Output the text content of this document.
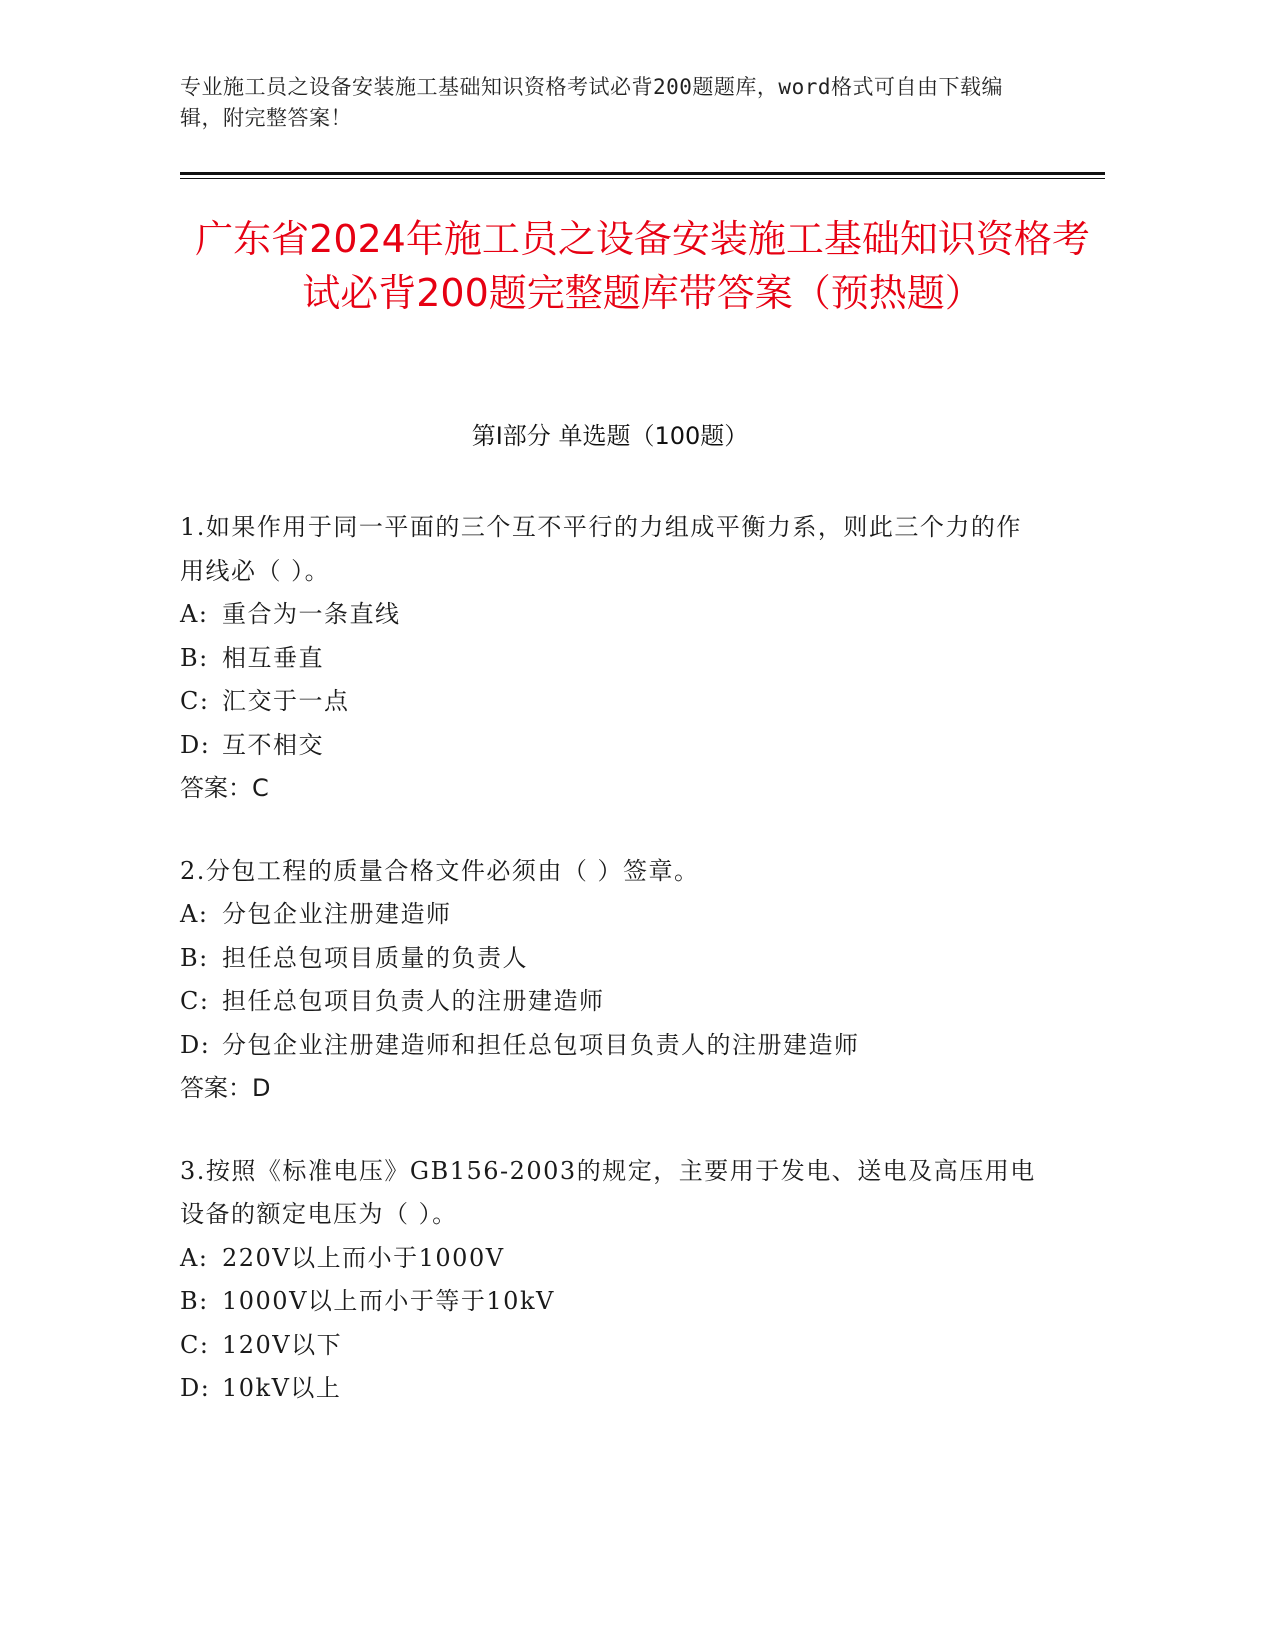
专业施工员之设备安装施工基础知识资格考试必背200题题库，word格式可自由下载编辑，附完整答案！
广东省2024年施工员之设备安装施工基础知识资格考试必背200题完整题库带答案（预热题）
第I部分 单选题（100题）

1.如果作用于同一平面的三个互不平行的力组成平衡力系，则此三个力的作用线必（ ）。

A: 重合为一条直线

B: 相互垂直

C: 汇交于一点

D: 互不相交

答案：C

2.分包工程的质量合格文件必须由（ ）签章。

A: 分包企业注册建造师

B: 担任总包项目质量的负责人

C: 担任总包项目负责人的注册建造师

D: 分包企业注册建造师和担任总包项目负责人的注册建造师

答案：D

3.按照《标准电压》GB156-2003的规定，主要用于发电、送电及高压用电设备的额定电压为（ ）。

A: 220V以上而小于1000V

B: 1000V以上而小于等于10kV

C: 120V以下

D: 10kV以上
